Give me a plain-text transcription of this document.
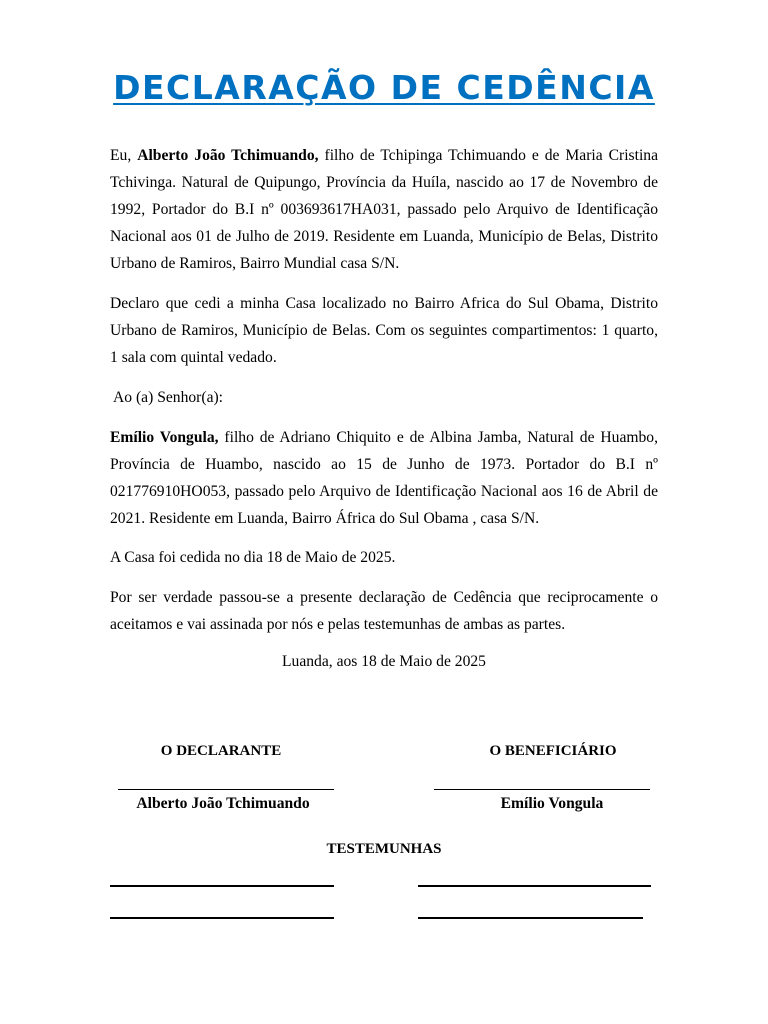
DECLARAÇÃO DE CEDÊNCIA

Eu, Alberto João Tchimuando, filho de Tchipinga Tchimuando e de Maria Cristina Tchivinga. Natural de Quipungo, Província da Huíla, nascido ao 17 de Novembro de 1992, Portador do B.I nº 003693617HA031, passado pelo Arquivo de Identificação Nacional aos 01 de Julho de 2019. Residente em Luanda, Município de Belas, Distrito Urbano de Ramiros, Bairro Mundial casa S/N.

Declaro que cedi a minha Casa localizado no Bairro Africa do Sul Obama, Distrito Urbano de Ramiros, Município de Belas. Com os seguintes compartimentos: 1 quarto, 1 sala com quintal vedado.

Ao (a) Senhor(a):

Emílio Vongula, filho de Adriano Chiquito e de Albina Jamba, Natural de Huambo, Província de Huambo, nascido ao 15 de Junho de 1973. Portador do B.I nº 021776910HO053, passado pelo Arquivo de Identificação Nacional aos 16 de Abril de 2021. Residente em Luanda, Bairro África do Sul Obama , casa S/N.

A Casa foi cedida no dia 18 de Maio de 2025.

Por ser verdade passou-se a presente declaração de Cedência que reciprocamente o aceitamos e vai assinada por nós e pelas testemunhas de ambas as partes.

Luanda, aos 18 de Maio de 2025
O DECLARANTE	O BENEFICIÁRIO
Alberto João Tchimuando	Emílio Vongula
TESTEMUNHAS
